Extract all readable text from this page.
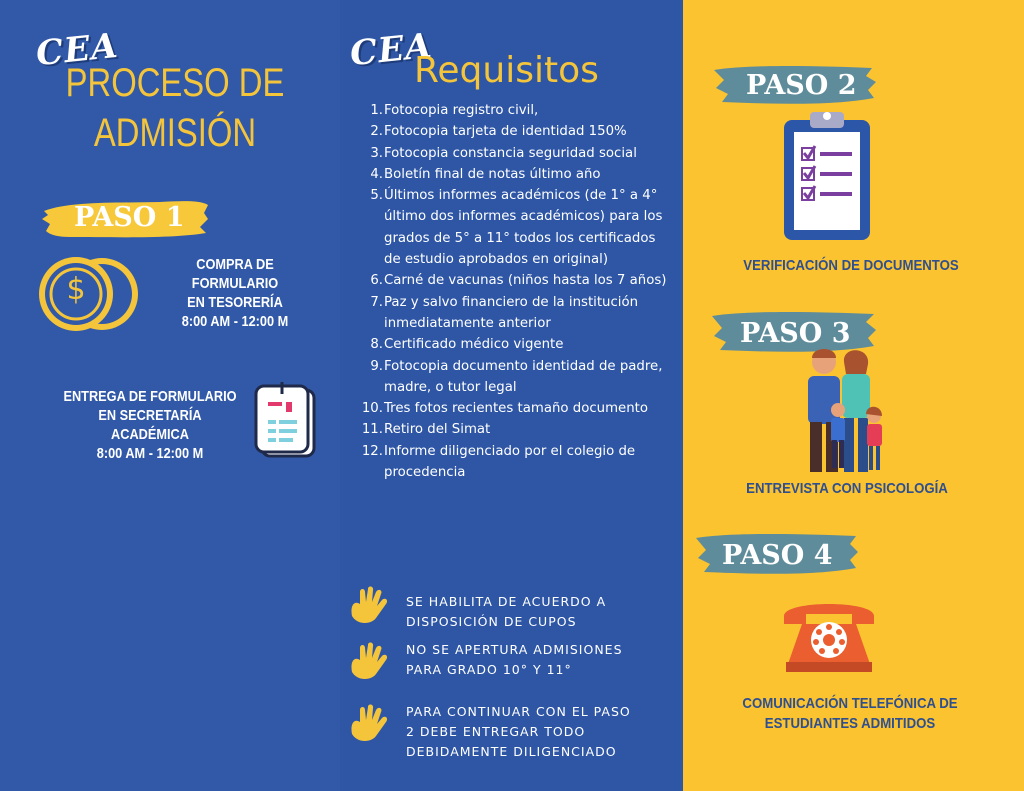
CEA
PROCESO DE
ADMISIÓN
PASO 1
$
COMPRA DE
FORMULARIO
EN TESORERÍA
8:00 AM - 12:00 M
ENTREGA DE FORMULARIO
EN SECRETARÍA ACADÉMICA
8:00 AM - 12:00 M
CEA
Requisitos
1. Fotocopia registro civil,
2. Fotocopia tarjeta de identidad 150%
3. Fotocopia constancia seguridad social
4. Boletín final de notas último año
5. Últimos informes académicos (de 1° a 4° último dos informes académicos) para los grados de 5° a 11° todos los certificados de estudio aprobados en original)
6. Carné de vacunas (niños hasta los 7 años)
7. Paz y salvo financiero de la institución inmediatamente anterior
8. Certificado médico vigente
9. Fotocopia documento identidad de padre, madre, o tutor legal
10. Tres fotos recientes tamaño documento
11. Retiro del Simat
12. Informe diligenciado por el colegio de procedencia
SE HABILITA DE ACUERDO A
DISPOSICIÓN DE CUPOS
NO SE APERTURA ADMISIONES
PARA GRADO 10° Y 11°
PARA CONTINUAR CON EL PASO
2 DEBE ENTREGAR TODO
DEBIDAMENTE DILIGENCIADO
PASO 2
VERIFICACIÓN DE DOCUMENTOS
PASO 3
ENTREVISTA CON PSICOLOGÍA
PASO 4
COMUNICACIÓN TELEFÓNICA DE
ESTUDIANTES ADMITIDOS
